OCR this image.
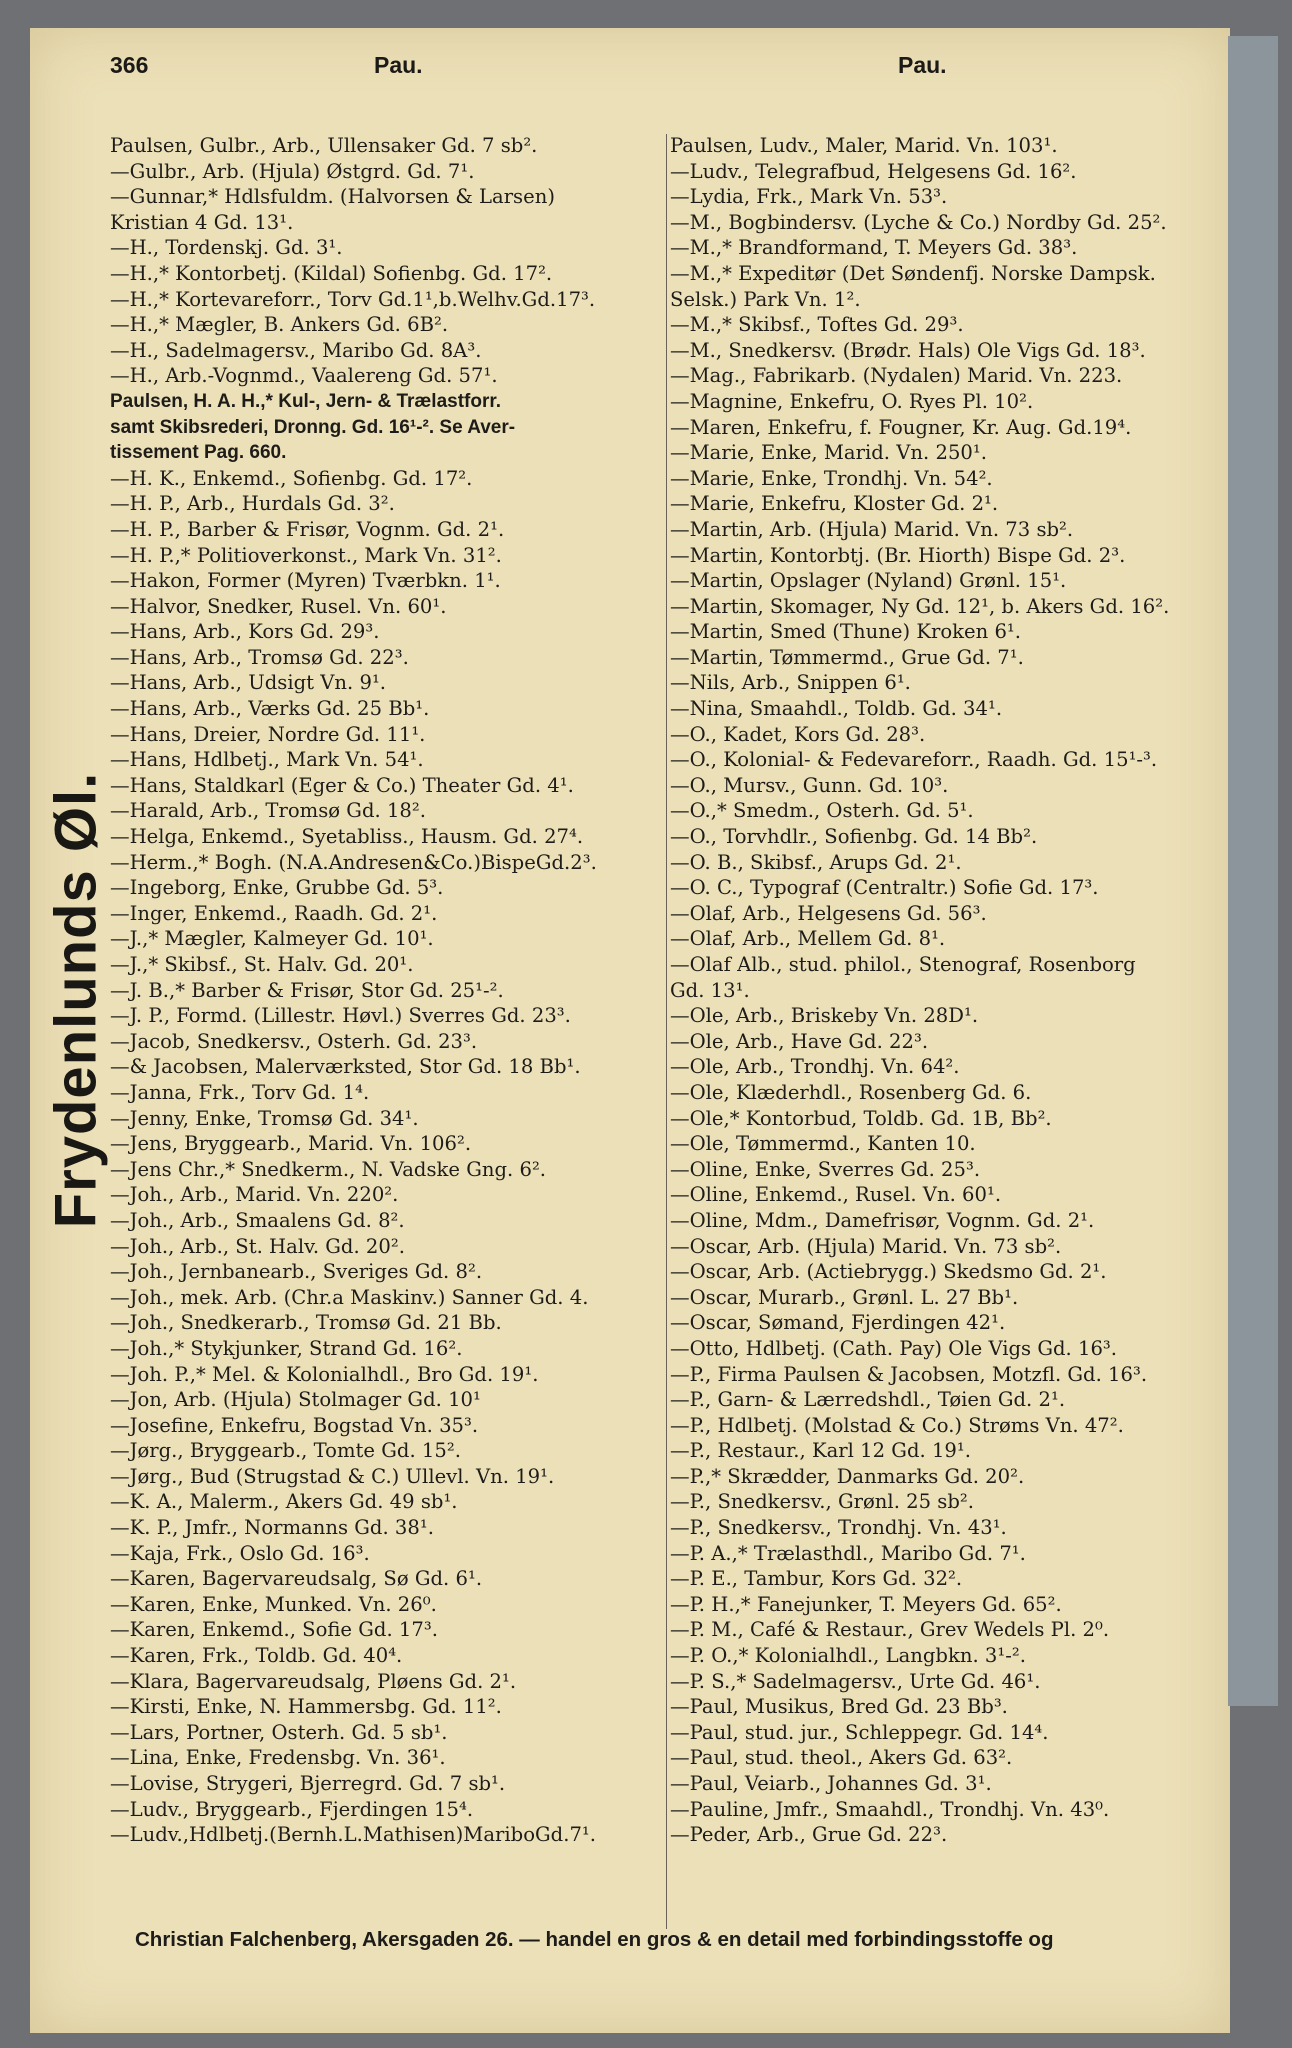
366	Pau.	Pau.
Frydenlunds Øl.
Paulsen, Gulbr., Arb., Ullensaker Gd. 7 sb².
—Gulbr., Arb. (Hjula) Østgrd. Gd. 7¹.
—Gunnar,* Hdlsfuldm. (Halvorsen & Larsen)
Kristian 4 Gd. 13¹.
—H., Tordenskj. Gd. 3¹.
—H.,* Kontorbetj. (Kildal) Sofienbg. Gd. 17².
—H.,* Kortevareforr., Torv Gd.1¹,b.Welhv.Gd.17³.
—H.,* Mægler, B. Ankers Gd. 6B².
—H., Sadelmagersv., Maribo Gd. 8A³.
—H., Arb.-Vognmd., Vaalereng Gd. 57¹.
Paulsen, H. A. H.,* Kul-, Jern- & Trælastforr.
samt Skibsrederi, Dronng. Gd. 16¹-². Se Aver-
tissement Pag. 660.
—H. K., Enkemd., Sofienbg. Gd. 17².
—H. P., Arb., Hurdals Gd. 3².
—H. P., Barber & Frisør, Vognm. Gd. 2¹.
—H. P.,* Politioverkonst., Mark Vn. 31².
—Hakon, Former (Myren) Tværbkn. 1¹.
—Halvor, Snedker, Rusel. Vn. 60¹.
—Hans, Arb., Kors Gd. 29³.
—Hans, Arb., Tromsø Gd. 22³.
—Hans, Arb., Udsigt Vn. 9¹.
—Hans, Arb., Værks Gd. 25 Bb¹.
—Hans, Dreier, Nordre Gd. 11¹.
—Hans, Hdlbetj., Mark Vn. 54¹.
—Hans, Staldkarl (Eger & Co.) Theater Gd. 4¹.
—Harald, Arb., Tromsø Gd. 18².
—Helga, Enkemd., Syetabliss., Hausm. Gd. 27⁴.
—Herm.,* Bogh. (N.A.Andresen&Co.)BispeGd.2³.
—Ingeborg, Enke, Grubbe Gd. 5³.
—Inger, Enkemd., Raadh. Gd. 2¹.
—J.,* Mægler, Kalmeyer Gd. 10¹.
—J.,* Skibsf., St. Halv. Gd. 20¹.
—J. B.,* Barber & Frisør, Stor Gd. 25¹-².
—J. P., Formd. (Lillestr. Høvl.) Sverres Gd. 23³.
—Jacob, Snedkersv., Osterh. Gd. 23³.
—& Jacobsen, Malerværksted, Stor Gd. 18 Bb¹.
—Janna, Frk., Torv Gd. 1⁴.
—Jenny, Enke, Tromsø Gd. 34¹.
—Jens, Bryggearb., Marid. Vn. 106².
—Jens Chr.,* Snedkerm., N. Vadske Gng. 6².
—Joh., Arb., Marid. Vn. 220².
—Joh., Arb., Smaalens Gd. 8².
—Joh., Arb., St. Halv. Gd. 20².
—Joh., Jernbanearb., Sveriges Gd. 8².
—Joh., mek. Arb. (Chr.a Maskinv.) Sanner Gd. 4.
—Joh., Snedkerarb., Tromsø Gd. 21 Bb.
—Joh.,* Stykjunker, Strand Gd. 16².
—Joh. P.,* Mel. & Kolonialhdl., Bro Gd. 19¹.
—Jon, Arb. (Hjula) Stolmager Gd. 10¹
—Josefine, Enkefru, Bogstad Vn. 35³.
—Jørg., Bryggearb., Tomte Gd. 15².
—Jørg., Bud (Strugstad & C.) Ullevl. Vn. 19¹.
—K. A., Malerm., Akers Gd. 49 sb¹.
—K. P., Jmfr., Normanns Gd. 38¹.
—Kaja, Frk., Oslo Gd. 16³.
—Karen, Bagervareudsalg, Sø Gd. 6¹.
—Karen, Enke, Munked. Vn. 26⁰.
—Karen, Enkemd., Sofie Gd. 17³.
—Karen, Frk., Toldb. Gd. 40⁴.
—Klara, Bagervareudsalg, Pløens Gd. 2¹.
—Kirsti, Enke, N. Hammersbg. Gd. 11².
—Lars, Portner, Osterh. Gd. 5 sb¹.
—Lina, Enke, Fredensbg. Vn. 36¹.
—Lovise, Strygeri, Bjerregrd. Gd. 7 sb¹.
—Ludv., Bryggearb., Fjerdingen 15⁴.
—Ludv.,Hdlbetj.(Bernh.L.Mathisen)MariboGd.7¹.
Paulsen, Ludv., Maler, Marid. Vn. 103¹.
—Ludv., Telegrafbud, Helgesens Gd. 16².
—Lydia, Frk., Mark Vn. 53³.
—M., Bogbindersv. (Lyche & Co.) Nordby Gd. 25².
—M.,* Brandformand, T. Meyers Gd. 38³.
—M.,* Expeditør (Det Søndenfj. Norske Dampsk.
Selsk.) Park Vn. 1².
—M.,* Skibsf., Toftes Gd. 29³.
—M., Snedkersv. (Brødr. Hals) Ole Vigs Gd. 18³.
—Mag., Fabrikarb. (Nydalen) Marid. Vn. 223.
—Magnine, Enkefru, O. Ryes Pl. 10².
—Maren, Enkefru, f. Fougner, Kr. Aug. Gd.19⁴.
—Marie, Enke, Marid. Vn. 250¹.
—Marie, Enke, Trondhj. Vn. 54².
—Marie, Enkefru, Kloster Gd. 2¹.
—Martin, Arb. (Hjula) Marid. Vn. 73 sb².
—Martin, Kontorbtj. (Br. Hiorth) Bispe Gd. 2³.
—Martin, Opslager (Nyland) Grønl. 15¹.
—Martin, Skomager, Ny Gd. 12¹, b. Akers Gd. 16².
—Martin, Smed (Thune) Kroken 6¹.
—Martin, Tømmermd., Grue Gd. 7¹.
—Nils, Arb., Snippen 6¹.
—Nina, Smaahdl., Toldb. Gd. 34¹.
—O., Kadet, Kors Gd. 28³.
—O., Kolonial- & Fedevareforr., Raadh. Gd. 15¹-³.
—O., Mursv., Gunn. Gd. 10³.
—O.,* Smedm., Osterh. Gd. 5¹.
—O., Torvhdlr., Sofienbg. Gd. 14 Bb².
—O. B., Skibsf., Arups Gd. 2¹.
—O. C., Typograf (Centraltr.) Sofie Gd. 17³.
—Olaf, Arb., Helgesens Gd. 56³.
—Olaf, Arb., Mellem Gd. 8¹.
—Olaf Alb., stud. philol., Stenograf, Rosenborg
Gd. 13¹.
—Ole, Arb., Briskeby Vn. 28D¹.
—Ole, Arb., Have Gd. 22³.
—Ole, Arb., Trondhj. Vn. 64².
—Ole, Klæderhdl., Rosenberg Gd. 6.
—Ole,* Kontorbud, Toldb. Gd. 1B, Bb².
—Ole, Tømmermd., Kanten 10.
—Oline, Enke, Sverres Gd. 25³.
—Oline, Enkemd., Rusel. Vn. 60¹.
—Oline, Mdm., Damefrisør, Vognm. Gd. 2¹.
—Oscar, Arb. (Hjula) Marid. Vn. 73 sb².
—Oscar, Arb. (Actiebrygg.) Skedsmo Gd. 2¹.
—Oscar, Murarb., Grønl. L. 27 Bb¹.
—Oscar, Sømand, Fjerdingen 42¹.
—Otto, Hdlbetj. (Cath. Pay) Ole Vigs Gd. 16³.
—P., Firma Paulsen & Jacobsen, Motzfl. Gd. 16³.
—P., Garn- & Lærredshdl., Tøien Gd. 2¹.
—P., Hdlbetj. (Molstad & Co.) Strøms Vn. 47².
—P., Restaur., Karl 12 Gd. 19¹.
—P.,* Skrædder, Danmarks Gd. 20².
—P., Snedkersv., Grønl. 25 sb².
—P., Snedkersv., Trondhj. Vn. 43¹.
—P. A.,* Trælasthdl., Maribo Gd. 7¹.
—P. E., Tambur, Kors Gd. 32².
—P. H.,* Fanejunker, T. Meyers Gd. 65².
—P. M., Café & Restaur., Grev Wedels Pl. 2⁰.
—P. O.,* Kolonialhdl., Langbkn. 3¹-².
—P. S.,* Sadelmagersv., Urte Gd. 46¹.
—Paul, Musikus, Bred Gd. 23 Bb³.
—Paul, stud. jur., Schleppegr. Gd. 14⁴.
—Paul, stud. theol., Akers Gd. 63².
—Paul, Veiarb., Johannes Gd. 3¹.
—Pauline, Jmfr., Smaahdl., Trondhj. Vn. 43⁰.
—Peder, Arb., Grue Gd. 22³.
Christian Falchenberg, Akersgaden 26. — handel en gros & en detail med forbindingsstoffe og
